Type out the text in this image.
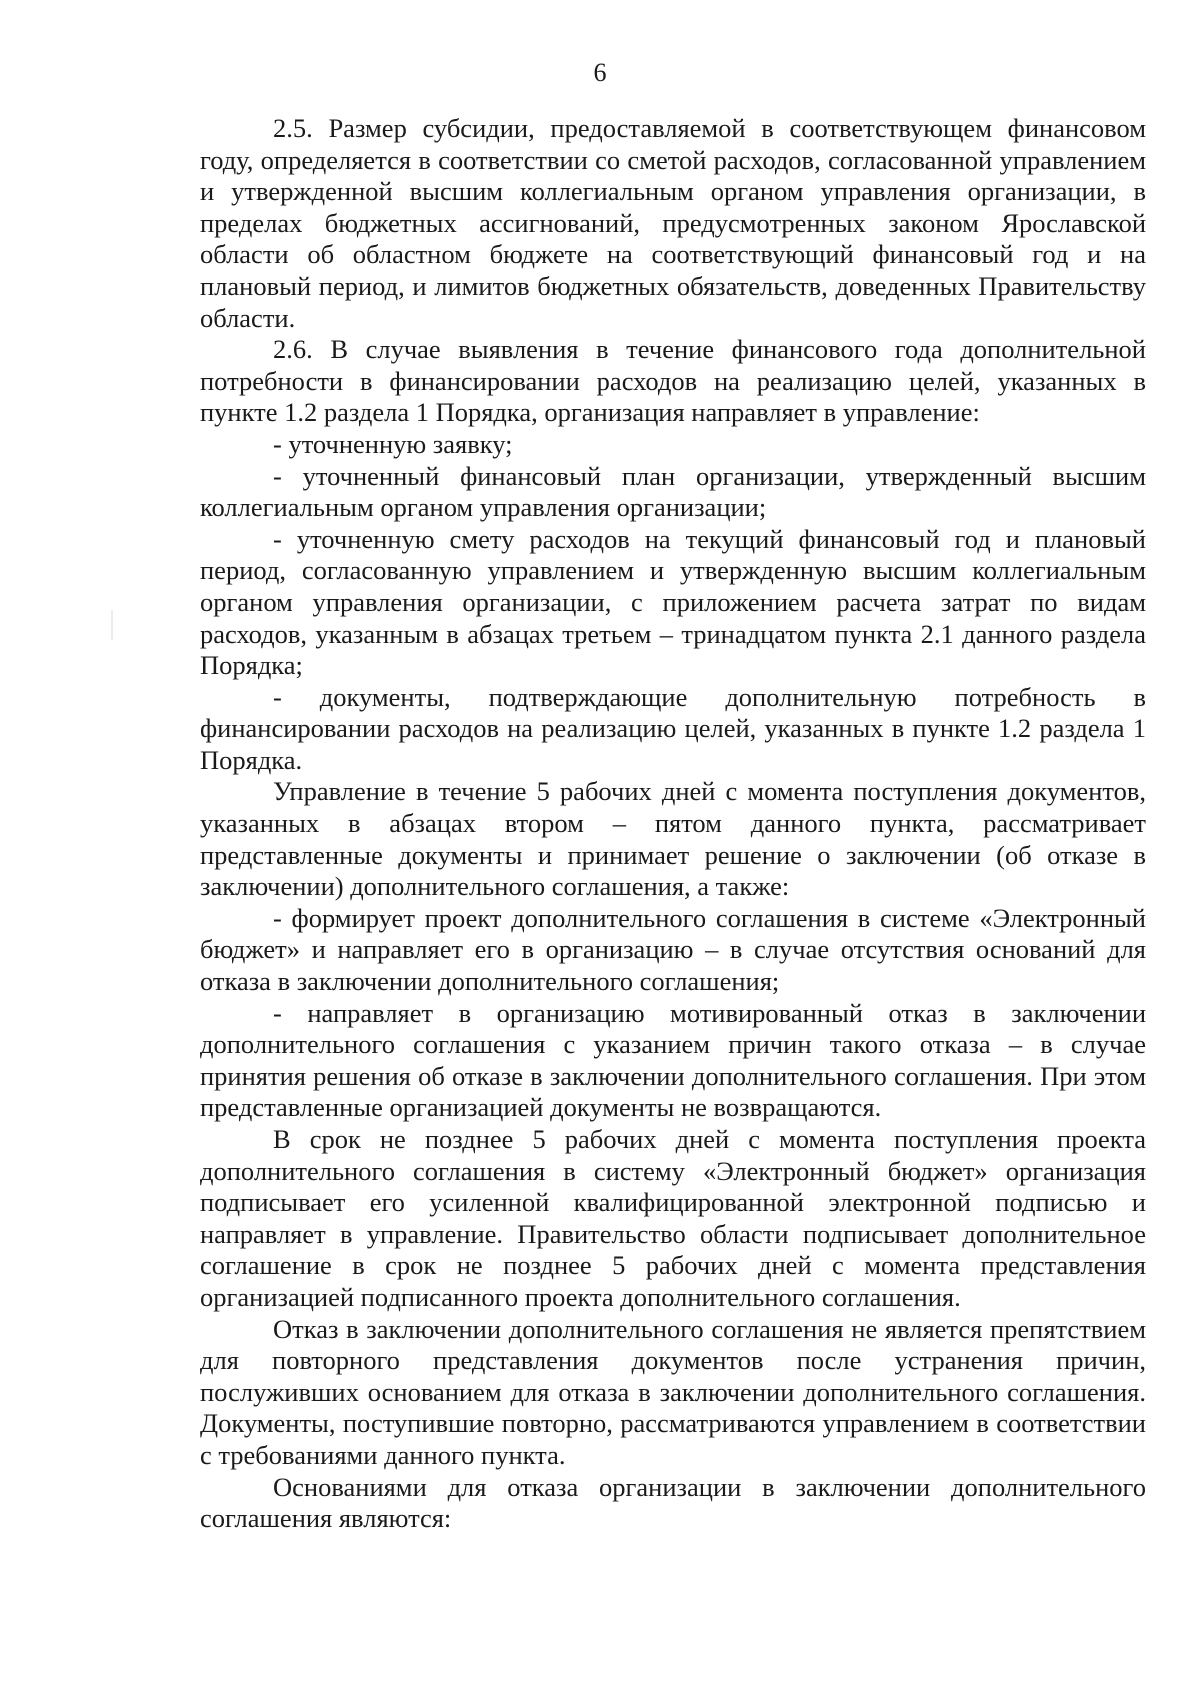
6

2.5. Размер субсидии, предоставляемой в соответствующем финансовом году, определяется в соответствии со сметой расходов, согласованной управлением и утвержденной высшим коллегиальным органом управления организации, в пределах бюджетных ассигнований, предусмотренных законом Ярославской области об областном бюджете на соответствующий финансовый год и на плановый период, и лимитов бюджетных обязательств, доведенных Правительству области.

2.6. В случае выявления в течение финансового года дополнительной потребности в финансировании расходов на реализацию целей, указанных в пункте 1.2 раздела 1 Порядка, организация направляет в управление:

- уточненную заявку;

- уточненный финансовый план организации, утвержденный высшим коллегиальным органом управления организации;

- уточненную смету расходов на текущий финансовый год и плановый период, согласованную управлением и утвержденную высшим коллегиальным органом управления организации, с приложением расчета затрат по видам расходов, указанным в абзацах третьем – тринадцатом пункта 2.1 данного раздела Порядка;

- документы, подтверждающие дополнительную потребность в финансировании расходов на реализацию целей, указанных в пункте 1.2 раздела 1 Порядка.

Управление в течение 5 рабочих дней с момента поступления документов, указанных в абзацах втором – пятом данного пункта, рассматривает представленные документы и принимает решение о заключении (об отказе в заключении) дополнительного соглашения, а также:

- формирует проект дополнительного соглашения в системе «Электронный бюджет» и направляет его в организацию – в случае отсутствия оснований для отказа в заключении дополнительного соглашения;

- направляет в организацию мотивированный отказ в заключении дополнительного соглашения с указанием причин такого отказа – в случае принятия решения об отказе в заключении дополнительного соглашения. При этом представленные организацией документы не возвращаются.

В срок не позднее 5 рабочих дней с момента поступления проекта дополнительного соглашения в систему «Электронный бюджет» организация подписывает его усиленной квалифицированной электронной подписью и направляет в управление. Правительство области подписывает дополнительное соглашение в срок не позднее 5 рабочих дней с момента представления организацией подписанного проекта дополнительного соглашения.

Отказ в заключении дополнительного соглашения не является препятствием для повторного представления документов после устранения причин, послуживших основанием для отказа в заключении дополнительного соглашения. Документы, поступившие повторно, рассматриваются управлением в соответствии с требованиями данного пункта.

Основаниями для отказа организации в заключении дополнительного соглашения являются:
